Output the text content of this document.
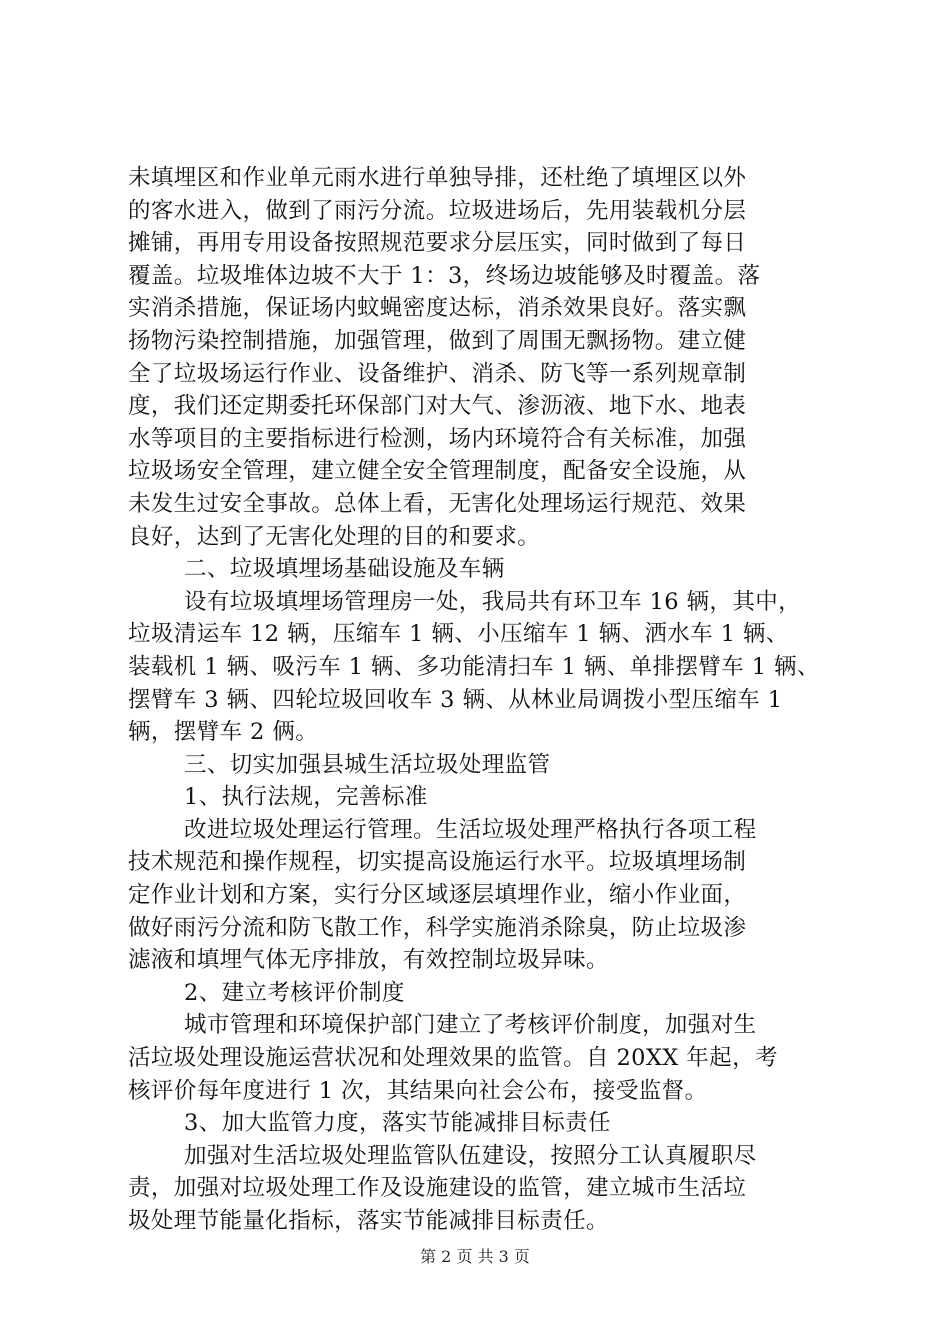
未填埋区和作业单元雨水进行单独导排，还杜绝了填埋区以外
的客水进入，做到了雨污分流。垃圾进场后，先用装载机分层
摊铺，再用专用设备按照规范要求分层压实，同时做到了每日
覆盖。垃圾堆体边坡不大于 1：3，终场边坡能够及时覆盖。落
实消杀措施，保证场内蚊蝇密度达标，消杀效果良好。落实飘
扬物污染控制措施，加强管理，做到了周围无飘扬物。建立健
全了垃圾场运行作业、设备维护、消杀、防飞等一系列规章制
度，我们还定期委托环保部门对大气、渗沥液、地下水、地表
水等项目的主要指标进行检测，场内环境符合有关标准，加强
垃圾场安全管理，建立健全安全管理制度，配备安全设施，从
未发生过安全事故。总体上看，无害化处理场运行规范、效果
良好，达到了无害化处理的目的和要求。
二、垃圾填埋场基础设施及车辆
设有垃圾填埋场管理房一处，我局共有环卫车 16 辆，其中，
垃圾清运车 12 辆，压缩车 1 辆、小压缩车 1 辆、洒水车 1 辆、
装载机 1 辆、吸污车 1 辆、多功能清扫车 1 辆、单排摆臂车 1 辆、
摆臂车 3 辆、四轮垃圾回收车 3 辆、从林业局调拨小型压缩车 1
辆，摆臂车 2 俩。
三、切实加强县城生活垃圾处理监管
1、执行法规，完善标准
改进垃圾处理运行管理。生活垃圾处理严格执行各项工程
技术规范和操作规程，切实提高设施运行水平。垃圾填埋场制
定作业计划和方案，实行分区域逐层填埋作业，缩小作业面，
做好雨污分流和防飞散工作，科学实施消杀除臭，防止垃圾渗
滤液和填埋气体无序排放，有效控制垃圾异味。
2、建立考核评价制度
城市管理和环境保护部门建立了考核评价制度，加强对生
活垃圾处理设施运营状况和处理效果的监管。自 20XX 年起，考
核评价每年度进行 1 次，其结果向社会公布，接受监督。
3、加大监管力度，落实节能减排目标责任
加强对生活垃圾处理监管队伍建设，按照分工认真履职尽
责，加强对垃圾处理工作及设施建设的监管，建立城市生活垃
圾处理节能量化指标，落实节能减排目标责任。
第 2 页 共 3 页
